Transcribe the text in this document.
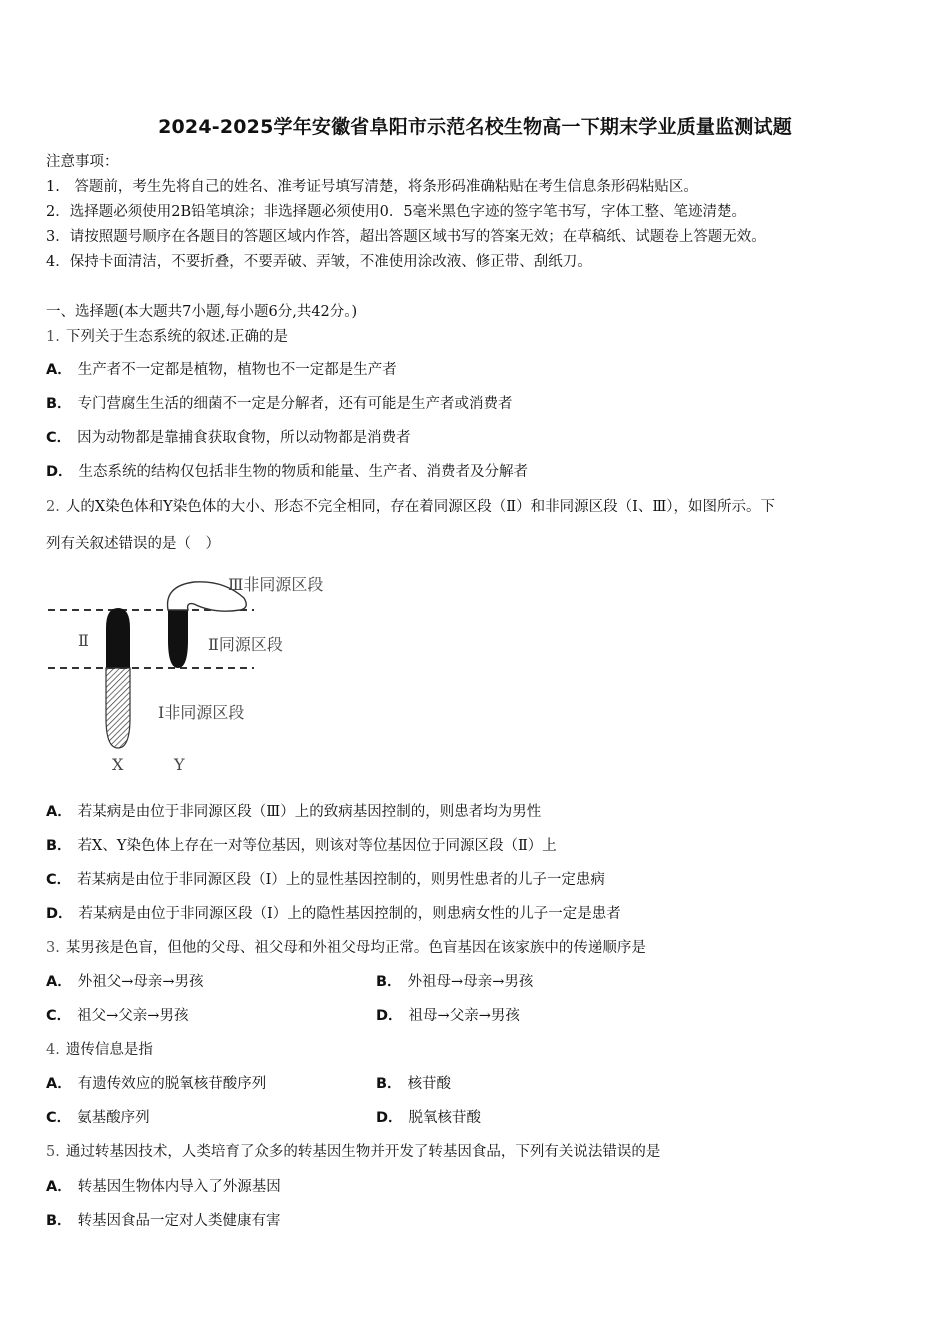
2024-2025学年安徽省阜阳市示范名校生物高一下期末学业质量监测试题
注意事项：
1.　答题前，考生先将自己的姓名、准考证号填写清楚，将条形码准确粘贴在考生信息条形码粘贴区。
2．选择题必须使用2B铅笔填涂；非选择题必须使用0．5毫米黑色字迹的签字笔书写，字体工整、笔迹清楚。
3．请按照题号顺序在各题目的答题区域内作答，超出答题区域书写的答案无效；在草稿纸、试题卷上答题无效。
4．保持卡面清洁，不要折叠，不要弄破、弄皱，不准使用涂改液、修正带、刮纸刀。
一、选择题(本大题共7小题,每小题6分,共42分。)
1. 下列关于生态系统的叙述.正确的是
A． 生产者不一定都是植物，植物也不一定都是生产者
B． 专门营腐生生活的细菌不一定是分解者，还有可能是生产者或消费者
C． 因为动物都是靠捕食获取食物，所以动物都是消费者
D． 生态系统的结构仅包括非生物的物质和能量、生产者、消费者及分解者
2. 人的X染色体和Y染色体的大小、形态不完全相同，存在着同源区段（Ⅱ）和非同源区段（Ⅰ、Ⅲ），如图所示。下
列有关叙述错误的是（　）
Ⅲ非同源区段
Ⅱ	Ⅱ同源区段
Ⅰ非同源区段
X	Y
A． 若某病是由位于非同源区段（Ⅲ）上的致病基因控制的，则患者均为男性
B． 若X、Y染色体上存在一对等位基因，则该对等位基因位于同源区段（Ⅱ）上
C． 若某病是由位于非同源区段（Ⅰ）上的显性基因控制的，则男性患者的儿子一定患病
D． 若某病是由位于非同源区段（Ⅰ）上的隐性基因控制的，则患病女性的儿子一定是患者
3. 某男孩是色盲，但他的父母、祖父母和外祖父母均正常。色盲基因在该家族中的传递顺序是
A． 外祖父→母亲→男孩	B． 外祖母→母亲→男孩
C． 祖父→父亲→男孩	D． 祖母→父亲→男孩
4. 遗传信息是指
A． 有遗传效应的脱氧核苷酸序列	B． 核苷酸
C． 氨基酸序列	D． 脱氧核苷酸
5. 通过转基因技术，人类培育了众多的转基因生物并开发了转基因食品，下列有关说法错误的是
A． 转基因生物体内导入了外源基因
B． 转基因食品一定对人类健康有害
